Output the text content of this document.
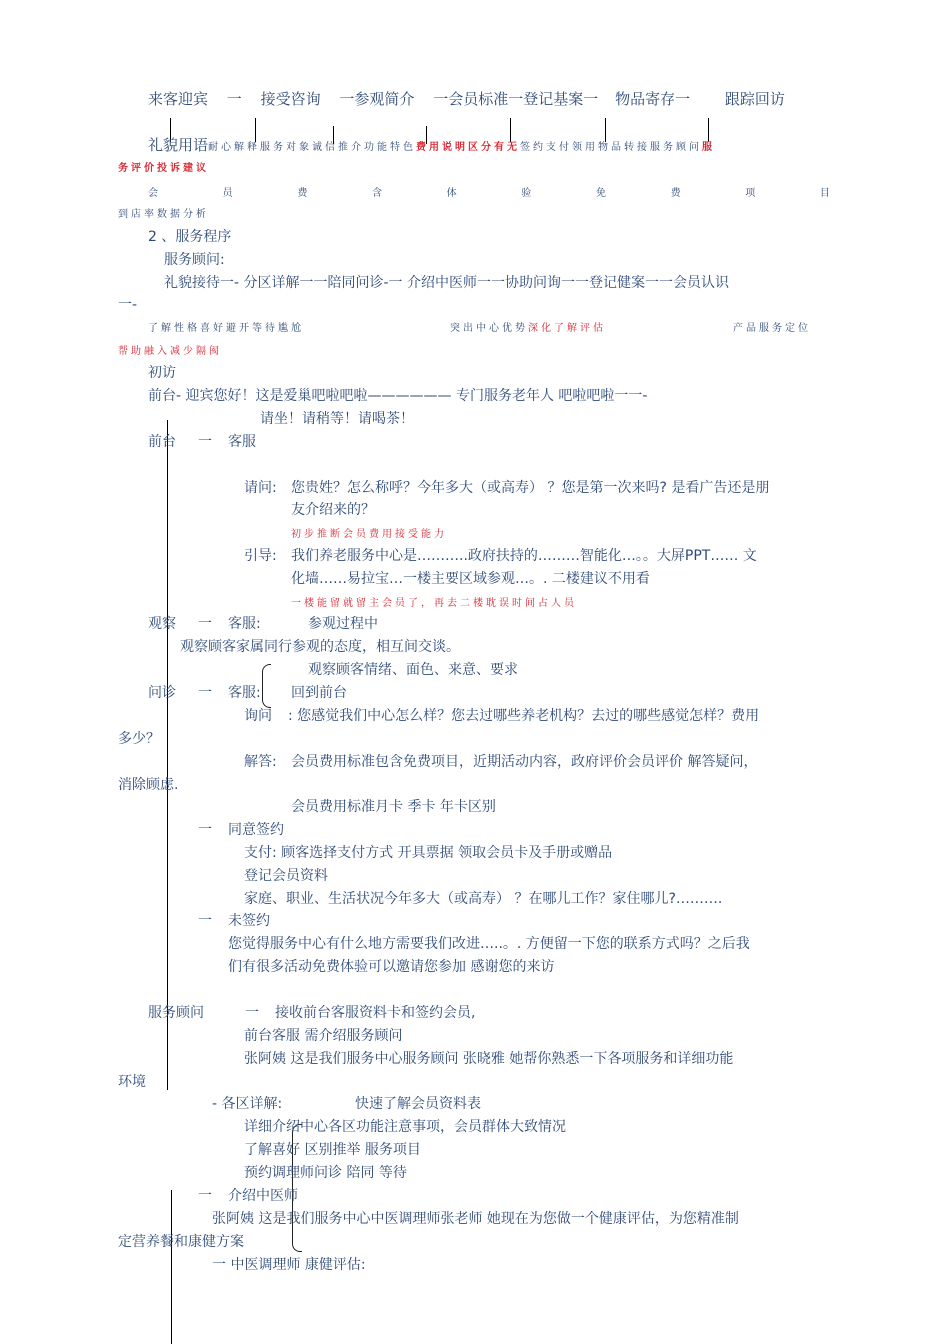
来客迎宾 一 接受咨询 一参观简介 一会员标准一登记基案一 物品寄存一 跟踪回访
礼貌用语耐心解释服务对象诚信推介功能特色费用说明区分有无签约支付领用物品转接服务顾问服
务评价投诉建议
会	员	费	含	体	验	免	费	项	目
到店率数据分析
2 、服务程序
服务顾问:
礼貌接待一- 分区详解一一陪同问诊-一 介绍中医师一一协助问询一一登记健案一一会员认识
一-
了解性格喜好避开等待尴尬	突出中心优势深化了解评估	产品服务定位
帮助融入减少隔阂
初访
前台- 迎宾您好！这是爱巢吧啦吧啦—————— 专门服务老年人 吧啦吧啦一一-
请坐！请稍等！请喝茶！
前台 一 客服
请问: 您贵姓？怎么称呼？今年多大（或高寿） ？您是第一次来吗? 是看广告还是朋
友介绍来的？
初步推断会员费用接受能力
引导: 我们养老服务中心是………..政府扶持的………智能化…。。大屏PPT…… 文
化墙……易拉宝…一楼主要区域参观…。. 二楼建议不用看
一楼能留就留主会员了，再去二楼耽误时间占人员
观察 一 客服:	参观过程中
观察顾客家属同行参观的态度，相互间交谈。
观察顾客情绪、面色、来意、要求
问诊 一 客服: 回到前台
询问 : 您感觉我们中心怎么样？您去过哪些养老机构？去过的哪些感觉怎样？费用
多少？
解答: 会员费用标准包含免费项目，近期活动内容，政府评价会员评价 解答疑问，
消除顾虑.
会员费用标准月卡 季卡 年卡区别
一 同意签约
支付: 顾客选择支付方式 开具票据 领取会员卡及手册或赠品
登记会员资料
家庭、职业、生活状况今年多大（或高寿） ？在哪儿工作？家住哪儿?……….
一 未签约
您觉得服务中心有什么地方需要我们改进…..。. 方便留一下您的联系方式吗？之后我
们有很多活动免费体验可以邀请您参加 感谢您的来访
服务顾问	一 接收前台客服资料卡和签约会员,
前台客服 需介绍服务顾问
张阿姨 这是我们服务中心服务顾问 张晓雅 她帮你熟悉一下各项服务和详细功能
环境
- 各区详解:	快速了解会员资料表
详细介绍中心各区功能注意事项，会员群体大致情况
了解喜好 区别推举 服务项目
预约调理师问诊 陪同 等待
一 介绍中医师
张阿姨 这是我们服务中心中医调理师张老师 她现在为您做一个健康评估，为您精准制
定营养餐和康健方案
一 中医调理师 康健评估:
